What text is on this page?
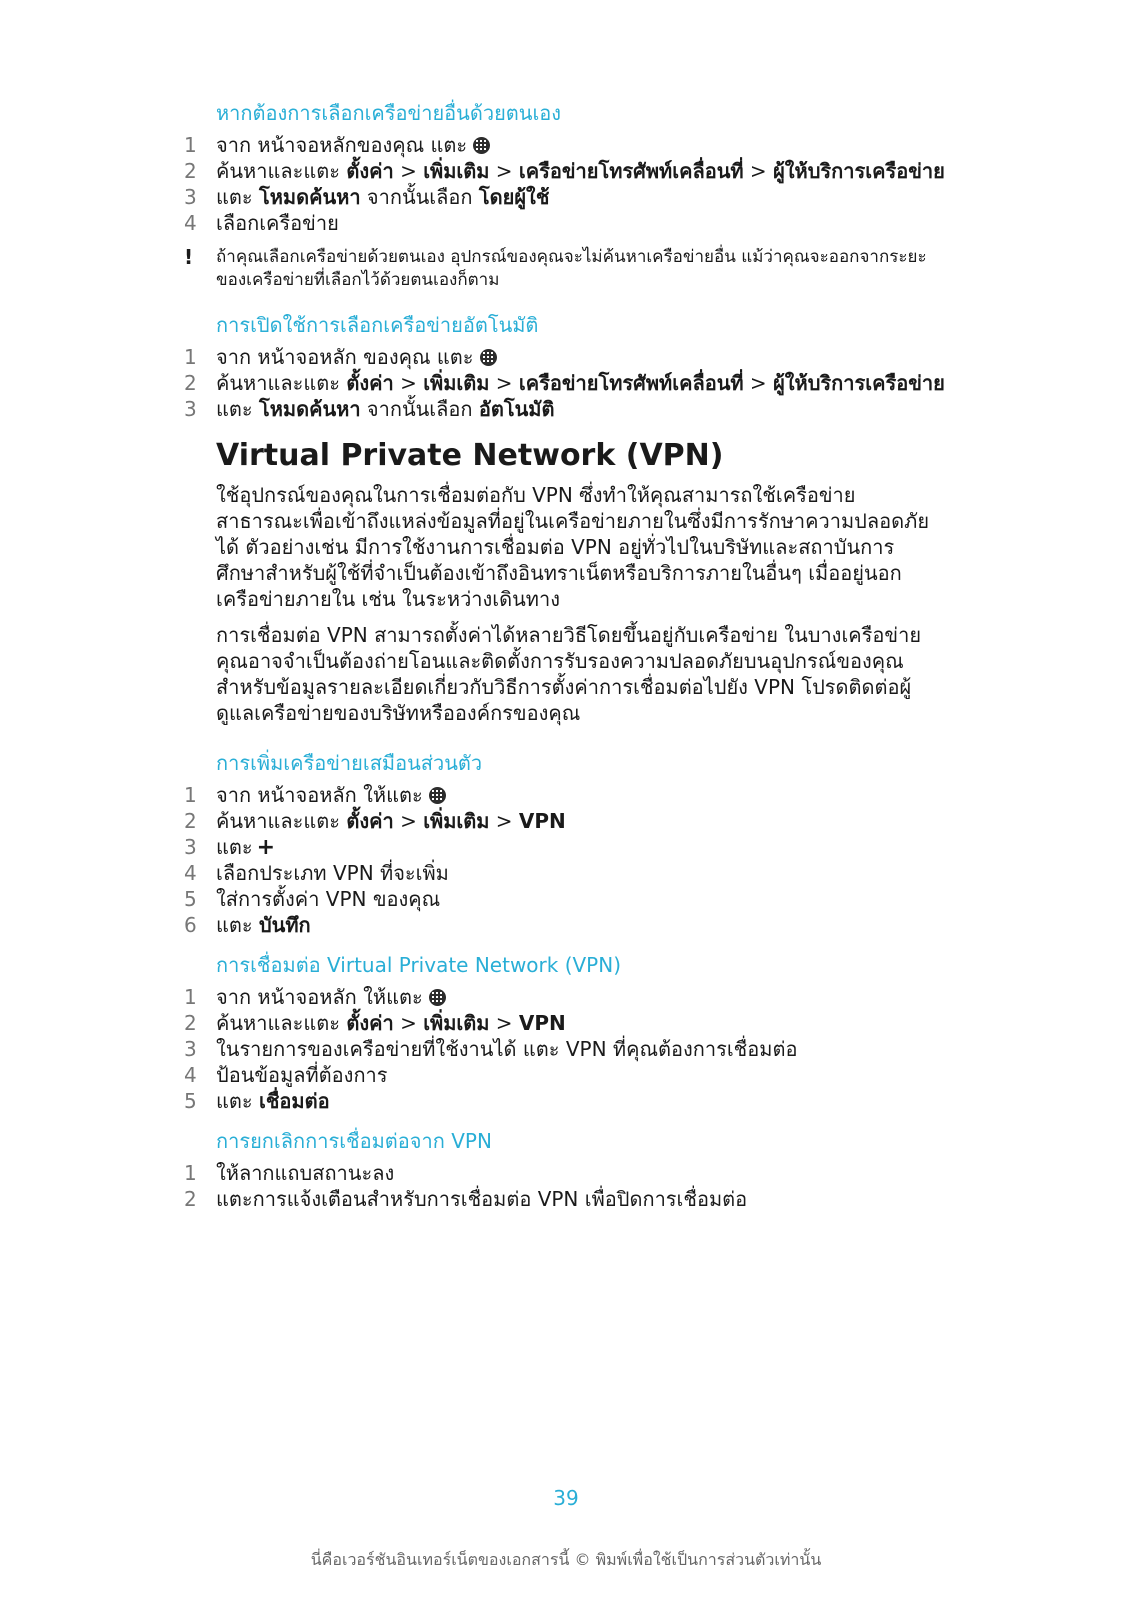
หากต้องการเลือกเครือข่ายอื่นด้วยตนเอง
1 จาก หน้าจอหลักของคุณ แตะ
2 ค้นหาและแตะ ตั้งค่า > เพิ่มเติม > เครือข่ายโทรศัพท์เคลื่อนที่ > ผู้ให้บริการเครือข่าย
3 แตะ โหมดค้นหา จากนั้นเลือก โดยผู้ใช้
4 เลือกเครือข่าย
! ถ้าคุณเลือกเครือข่ายด้วยตนเอง อุปกรณ์ของคุณจะไม่ค้นหาเครือข่ายอื่น แม้ว่าคุณจะออกจากระยะของเครือข่ายที่เลือกไว้ด้วยตนเองก็ตาม
การเปิดใช้การเลือกเครือข่ายอัตโนมัติ
1 จาก หน้าจอหลัก ของคุณ แตะ
2 ค้นหาและแตะ ตั้งค่า > เพิ่มเติม > เครือข่ายโทรศัพท์เคลื่อนที่ > ผู้ให้บริการเครือข่าย
3 แตะ โหมดค้นหา จากนั้นเลือก อัตโนมัติ
Virtual Private Network (VPN)

ใช้อุปกรณ์ของคุณในการเชื่อมต่อกับ VPN ซึ่งทำให้คุณสามารถใช้เครือข่ายสาธารณะเพื่อเข้าถึงแหล่งข้อมูลที่อยู่ในเครือข่ายภายในซึ่งมีการรักษาความปลอดภัยได้ ตัวอย่างเช่น มีการใช้งานการเชื่อมต่อ VPN อยู่ทั่วไปในบริษัทและสถาบันการศึกษาสำหรับผู้ใช้ที่จำเป็นต้องเข้าถึงอินทราเน็ตหรือบริการภายในอื่นๆ เมื่ออยู่นอกเครือข่ายภายใน เช่น ในระหว่างเดินทาง

การเชื่อมต่อ VPN สามารถตั้งค่าได้หลายวิธีโดยขึ้นอยู่กับเครือข่าย ในบางเครือข่าย คุณอาจจำเป็นต้องถ่ายโอนและติดตั้งการรับรองความปลอดภัยบนอุปกรณ์ของคุณ สำหรับข้อมูลรายละเอียดเกี่ยวกับวิธีการตั้งค่าการเชื่อมต่อไปยัง VPN โปรดติดต่อผู้ดูแลเครือข่ายของบริษัทหรือองค์กรของคุณ

การเพิ่มเครือข่ายเสมือนส่วนตัว
1 จาก หน้าจอหลัก ให้แตะ
2 ค้นหาและแตะ ตั้งค่า > เพิ่มเติม > VPN
3 แตะ +
4 เลือกประเภท VPN ที่จะเพิ่ม
5 ใส่การตั้งค่า VPN ของคุณ
6 แตะ บันทึก
การเชื่อมต่อ Virtual Private Network (VPN)
1 จาก หน้าจอหลัก ให้แตะ
2 ค้นหาและแตะ ตั้งค่า > เพิ่มเติม > VPN
3 ในรายการของเครือข่ายที่ใช้งานได้ แตะ VPN ที่คุณต้องการเชื่อมต่อ
4 ป้อนข้อมูลที่ต้องการ
5 แตะ เชื่อมต่อ
การยกเลิกการเชื่อมต่อจาก VPN
1 ให้ลากแถบสถานะลง
2 แตะการแจ้งเตือนสำหรับการเชื่อมต่อ VPN เพื่อปิดการเชื่อมต่อ
39
นี่คือเวอร์ชันอินเทอร์เน็ตของเอกสารนี้ © พิมพ์เพื่อใช้เป็นการส่วนตัวเท่านั้น
